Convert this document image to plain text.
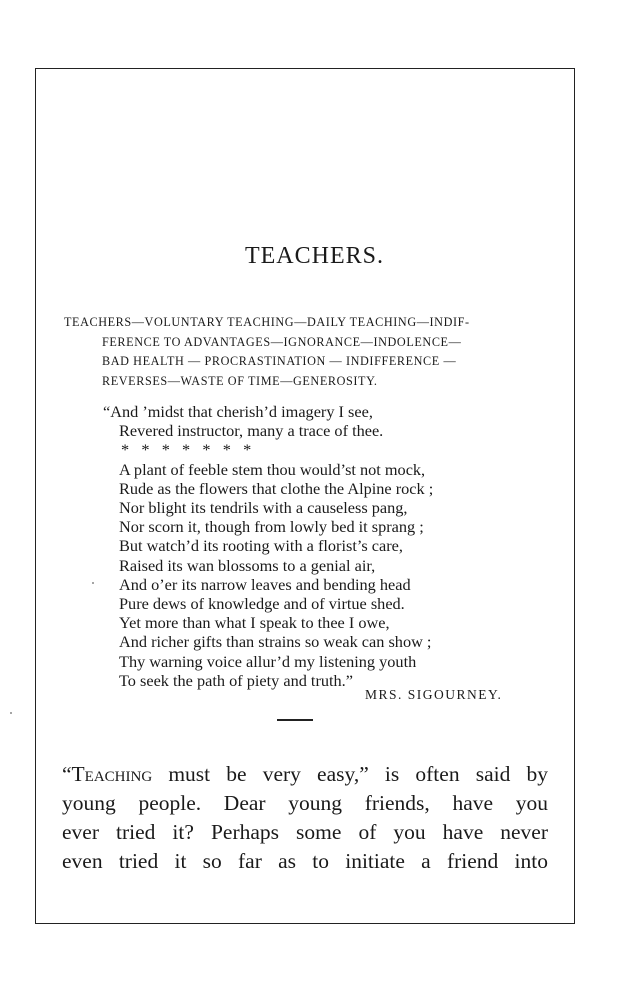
TEACHERS.
TEACHERS—VOLUNTARY TEACHING—DAILY TEACHING—INDIF-
FERENCE TO ADVANTAGES—IGNORANCE—INDOLENCE—
BAD HEALTH — PROCRASTINATION — INDIFFERENCE —
REVERSES—WASTE OF TIME—GENEROSITY.
“And ’midst that cherish’d imagery I see,
Revered instructor, many a trace of thee.
*   *   *   *   *   *   *
A plant of feeble stem thou would’st not mock,
Rude as the flowers that clothe the Alpine rock ;
Nor blight its tendrils with a causeless pang,
Nor scorn it, though from lowly bed it sprang ;
But watch’d its rooting with a florist’s care,
Raised its wan blossoms to a genial air,
And o’er its narrow leaves and bending head
Pure dews of knowledge and of virtue shed.
Yet more than what I speak to thee I owe,
And richer gifts than strains so weak can show ;
Thy warning voice allur’d my listening youth
To seek the path of piety and truth.”
MRS. SIGOURNEY.
“Teaching must be very easy,” is often said by
young people. Dear young friends, have you
ever tried it? Perhaps some of you have never
even tried it so far as to initiate a friend into
